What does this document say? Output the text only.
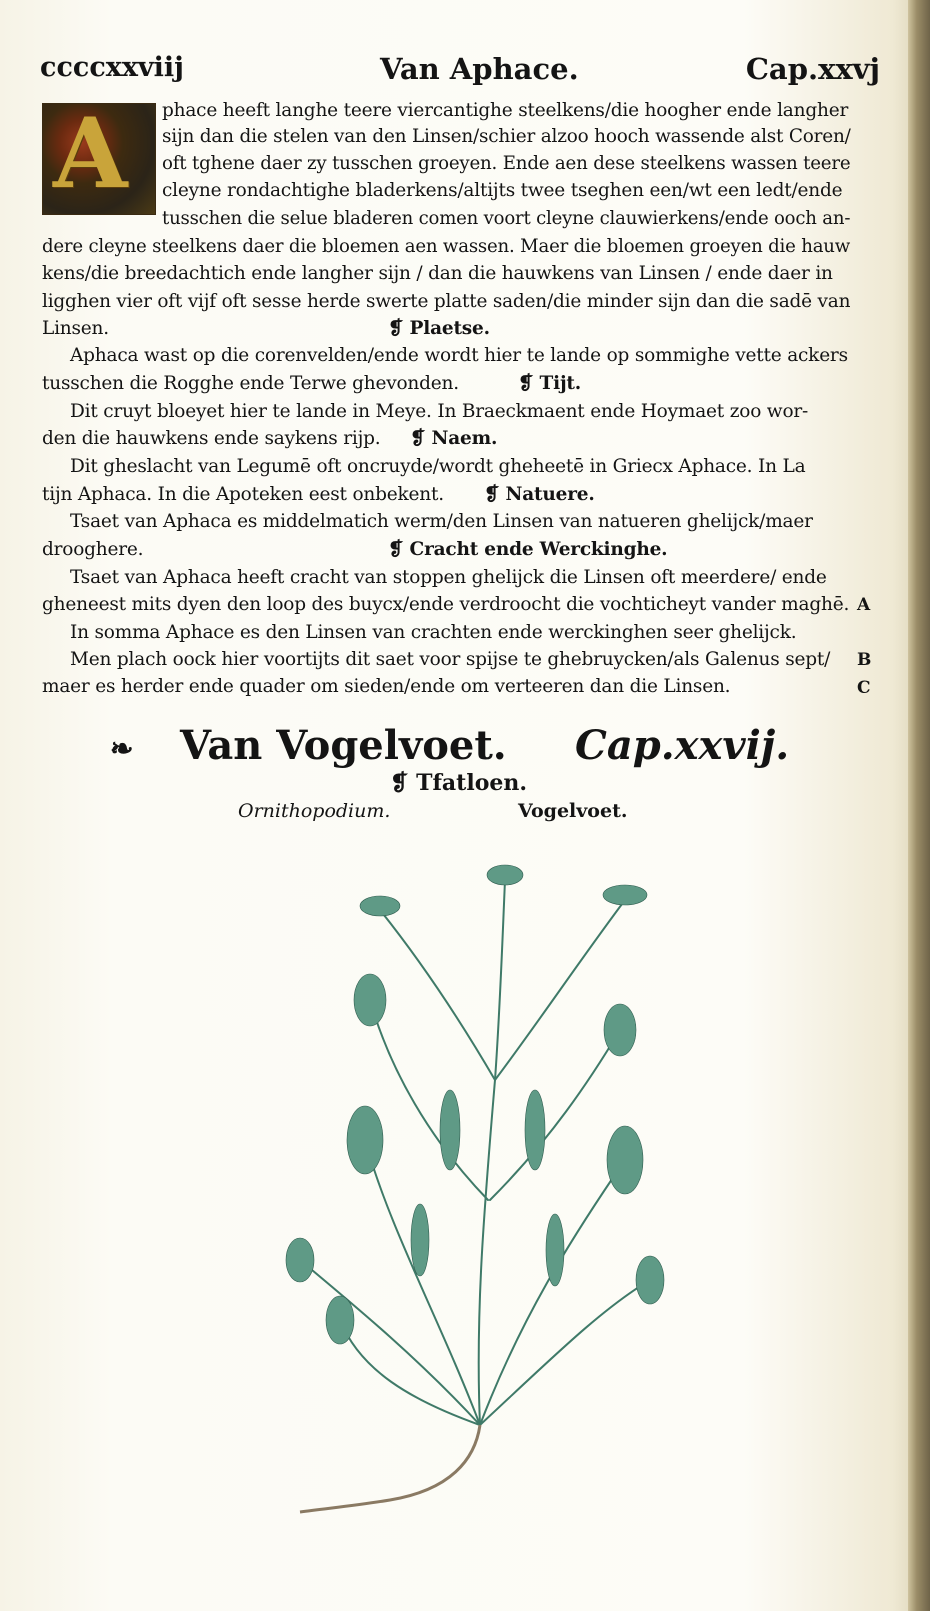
ccccxxviij	Van Aphace.	Cap.xxvj
A phace heeft langhe teere viercantighe steelkens/die hoogher ende langher
sijn dan die stelen van den Linsen/schier alzoo hooch wassende alst Coren/
oft tghene daer zy tusschen groeyen. Ende aen dese steelkens wassen teere
cleyne rondachtighe bladerkens/altijts twee tseghen een/wt een ledt/ende
tusschen die selue bladeren comen voort cleyne clauwierkens/ende ooch an-
dere cleyne steelkens daer die bloemen aen wassen. Maer die bloemen groeyen die hauw
kens/die breedachtich ende langher sijn / dan die hauwkens van Linsen / ende daer in
ligghen vier oft vijf oft sesse herde swerte platte saden/die minder sijn dan die sadē van
Linsen.	❡ Plaetse.
Aphaca wast op die corenvelden/ende wordt hier te lande op sommighe vette ackers
tusschen die Rogghe ende Terwe ghevonden.	❡ Tijt.
Dit cruyt bloeyet hier te lande in Meye. In Braeckmaent ende Hoymaet zoo wor-
den die hauwkens ende saykens rijp. ❡ Naem.
Dit gheslacht van Legumē oft oncruyde/wordt gheheetē in Griecx Aphace. In La
tijn Aphaca. In die Apoteken eest onbekent. ❡ Natuere.
Tsaet van Aphaca es middelmatich werm/den Linsen van natueren ghelijck/maer
drooghere.	❡ Cracht ende Werckinghe.
Tsaet van Aphaca heeft cracht van stoppen ghelijck die Linsen oft meerdere/ ende
gheneest mits dyen den loop des buycx/ende verdroocht die vochticheyt vander maghē.
In somma Aphace es den Linsen van crachten ende werckinghen seer ghelijck.
Men plach oock hier voortijts dit saet voor spijse te ghebruycken/als Galenus sept/
maer es herder ende quader om sieden/ende om verteeren dan die Linsen.
A
B
C
❧ Van Vogelvoet. Cap.xxvij.
❡ Tfatloen.
Ornithopodium.	Vogelvoet.
